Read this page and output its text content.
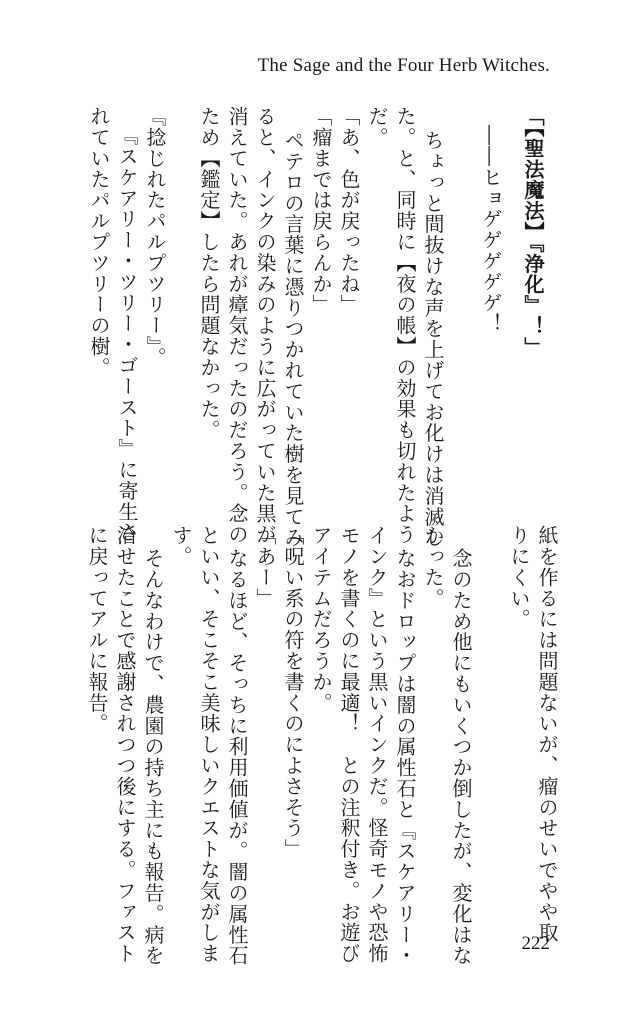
The Sage and the Four Herb Witches.
「【聖法魔法】『浄化』！」
――ヒョゲゲゲゲゲ！
ちょっと間抜けな声を上げてお化けは消滅し
た。と、同時に【夜の帳】の効果も切れたよう
だ。
「あ、色が戻ったね」
「瘤までは戻らんか」
ペテロの言葉に憑りつかれていた樹を見てみ
ると、インクの染みのように広がっていた黒が
消えていた。あれが瘴気だったのだろう。念の
ため【鑑定】したら問題なかった。
『捻じれたパルプツリー』。
『スケアリー・ツリー・ゴースト』に寄生さ
れていたパルプツリーの樹。
紙を作るには問題ないが、瘤のせいでやや取
りにくい。
念のため他にもいくつか倒したが、変化はな
かった。
なおドロップは闇の属性石と『スケアリー・
インク』という黒いインクだ。怪奇モノや恐怖
モノを書くのに最適！　との注釈付き。お遊び
アイテムだろうか。
「呪い系の符を書くのによさそう」
「あー」
なるほど、そっちに利用価値が。闇の属性石
といい、そこそこ美味しいクエストな気がしま
す。
そんなわけで、農園の持ち主にも報告。病を
治せたことで感謝されつつ後にする。ファスト
に戻ってアルに報告。
222
